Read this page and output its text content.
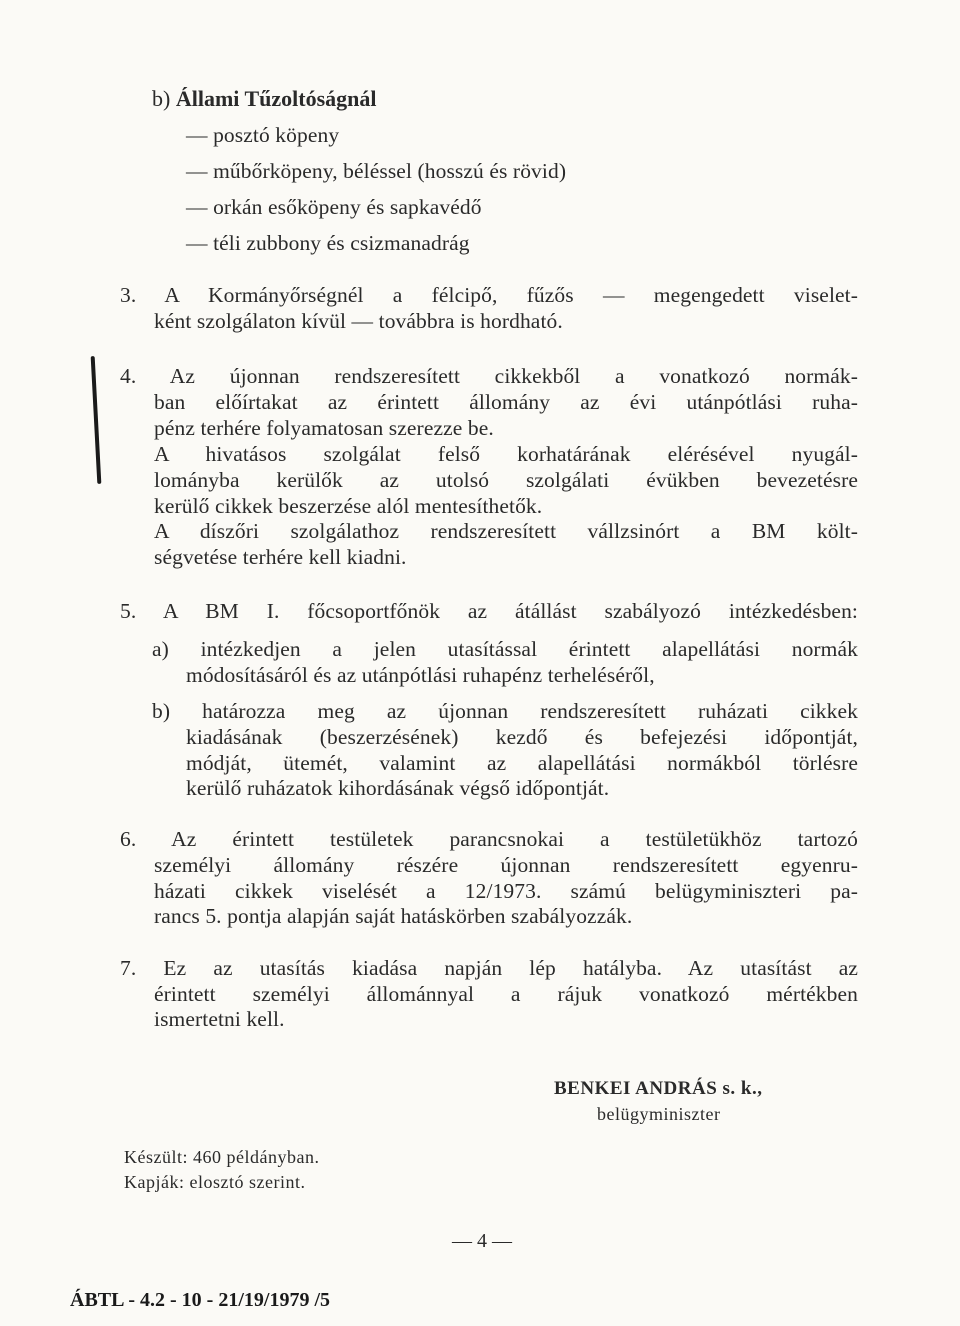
b) Állami Tűzoltóságnál
— posztó köpeny
— műbőrköpeny, béléssel (hosszú és rövid)
— orkán esőköpeny és sapkavédő
— téli zubbony és csizmanadrág
3. A Kormányőrségnél a félcipő, fűzős — megengedett viselet-
ként szolgálaton kívül — továbbra is hordható.
4. Az újonnan rendszeresített cikkekből a vonatkozó normák-
ban előírtakat az érintett állomány az évi utánpótlási ruha-
pénz terhére folyamatosan szerezze be.
A hivatásos szolgálat felső korhatárának elérésével nyugál-
lományba kerülők az utolsó szolgálati évükben bevezetésre
kerülő cikkek beszerzése alól mentesíthetők.
A díszőri szolgálathoz rendszeresített vállzsinórt a BM költ-
ségvetése terhére kell kiadni.
5. A BM I. főcsoportfőnök az átállást szabályozó intézkedésben:
a) intézkedjen a jelen utasítással érintett alapellátási normák
módosításáról és az utánpótlási ruhapénz terheléséről,
b) határozza meg az újonnan rendszeresített ruházati cikkek
kiadásának (beszerzésének) kezdő és befejezési időpontját,
módját, ütemét, valamint az alapellátási normákból törlésre
kerülő ruházatok kihordásának végső időpontját.
6. Az érintett testületek parancsnokai a testületükhöz tartozó
személyi állomány részére újonnan rendszeresített egyenru-
házati cikkek viselését a 12/1973. számú belügyminiszteri pa-
rancs 5. pontja alapján saját hatáskörben szabályozzák.
7. Ez az utasítás kiadása napján lép hatályba. Az utasítást az
érintett személyi állománnyal a rájuk vonatkozó mértékben
ismertetni kell.
BENKEI ANDRÁS s. k.,
belügyminiszter
Készült: 460 példányban.
Kapják: elosztó szerint.
— 4 —
ÁBTL - 4.2 - 10 - 21/19/1979 /5
